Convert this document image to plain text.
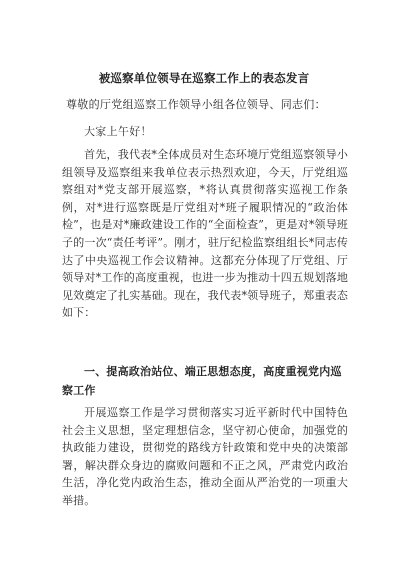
被巡察单位领导在巡察工作上的表态发言
尊敬的厅党组巡察工作领导小组各位领导、同志们：
大家上午好！

首先，我代表*全体成员对生态环境厅党组巡察领导小组领导及巡察组来我单位表示热烈欢迎，今天，厅党组巡察组对*党支部开展巡察，*将认真贯彻落实巡视工作条例，对*进行巡察既是厅党组对*班子履职情况的“政治体检”，也是对*廉政建设工作的“全面检查”，更是对*领导班子的一次“责任考评”。刚才，驻厅纪检监察组组长*同志传达了中央巡视工作会议精神。这都充分体现了厅党组、厅领导对*工作的高度重视，也进一步为推动十四五规划落地见效奠定了扎实基础。现在，我代表*领导班子，郑重表态如下：

一、提高政治站位、端正思想态度，高度重视党内巡察工作

开展巡察工作是学习贯彻落实习近平新时代中国特色社会主义思想，坚定理想信念，坚守初心使命，加强党的执政能力建设，贯彻党的路线方针政策和党中央的决策部署，解决群众身边的腐败问题和不正之风，严肃党内政治生活，净化党内政治生态，推动全面从严治党的一项重大举措。
